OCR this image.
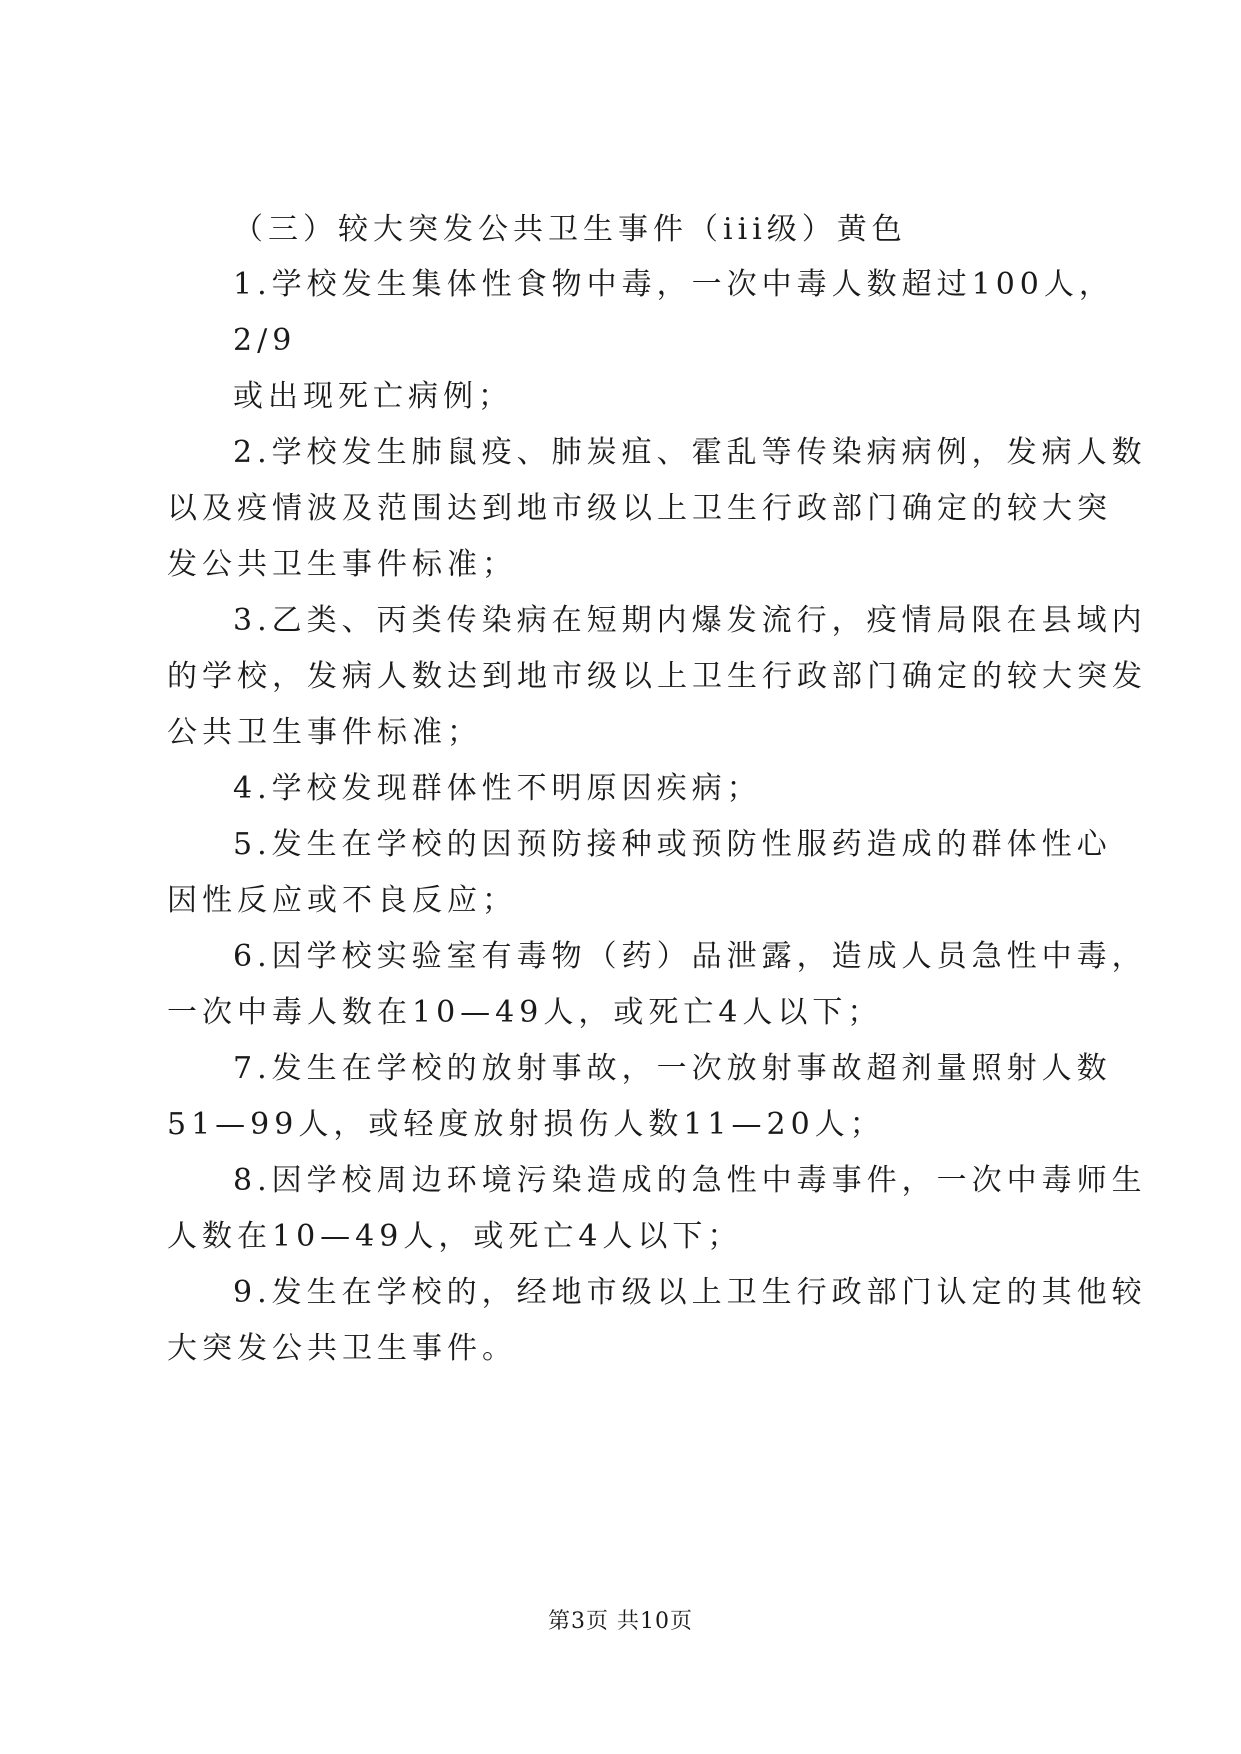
（三）较大突发公共卫生事件（iii级）黄色
1.学校发生集体性食物中毒，一次中毒人数超过100人，
2/9
或出现死亡病例；
2.学校发生肺鼠疫、肺炭疽、霍乱等传染病病例，发病人数
以及疫情波及范围达到地市级以上卫生行政部门确定的较大突
发公共卫生事件标准；
3.乙类、丙类传染病在短期内爆发流行，疫情局限在县域内
的学校，发病人数达到地市级以上卫生行政部门确定的较大突发
公共卫生事件标准；
4.学校发现群体性不明原因疾病；
5.发生在学校的因预防接种或预防性服药造成的群体性心
因性反应或不良反应；
6.因学校实验室有毒物（药）品泄露，造成人员急性中毒，
一次中毒人数在10—49人，或死亡4人以下；
7.发生在学校的放射事故，一次放射事故超剂量照射人数
51—99人，或轻度放射损伤人数11—20人；
8.因学校周边环境污染造成的急性中毒事件，一次中毒师生
人数在10—49人，或死亡4人以下；
9.发生在学校的，经地市级以上卫生行政部门认定的其他较
大突发公共卫生事件。
第3页 共10页
